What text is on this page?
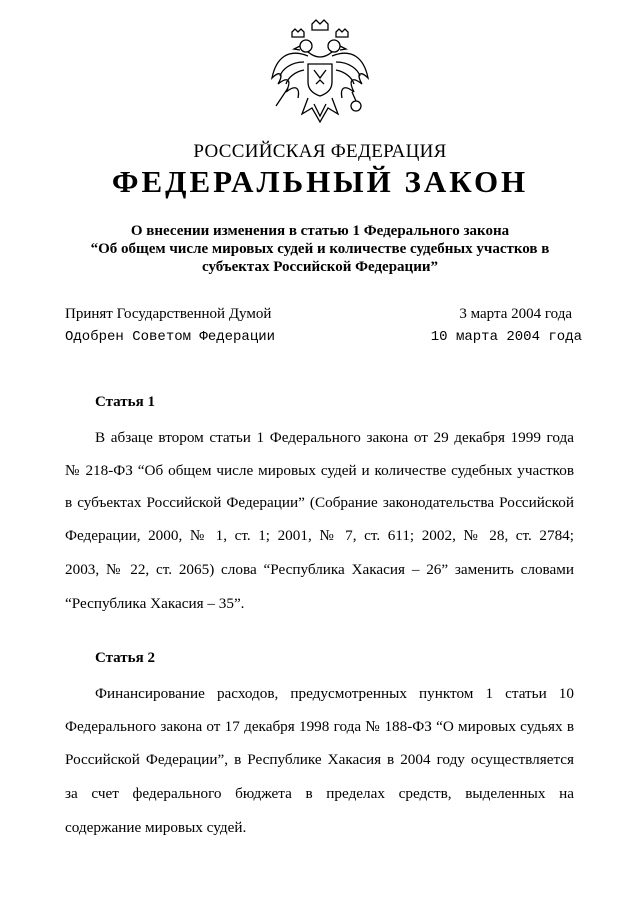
РОССИЙСКАЯ ФЕДЕРАЦИЯ
ФЕДЕРАЛЬНЫЙ ЗАКОН
О внесении изменения в статью 1 Федерального закона
“Об общем числе мировых судей и количестве судебных участков в
субъектах Российской Федерации”
Принят Государственной Думой	3 марта 2004 года
Одобрен Советом Федерации	10 марта 2004 года
Статья 1
В абзаце втором статьи 1 Федерального закона от 29 декабря 1999 года
№ 218-ФЗ “Об общем числе мировых судей и количестве судебных участков
в субъектах Российской Федерации” (Собрание законодательства Российской
Федерации, 2000, № 1, ст. 1; 2001, № 7, ст. 611; 2002, № 28, ст. 2784;
2003, № 22, ст. 2065) слова “Республика Хакасия – 26” заменить словами
“Республика Хакасия – 35”.
Статья 2
Финансирование расходов, предусмотренных пунктом 1 статьи 10
Федерального закона от 17 декабря 1998 года № 188-ФЗ “О мировых судьях в
Российской Федерации”, в Республике Хакасия в 2004 году осуществляется
за счет федерального бюджета в пределах средств, выделенных на
содержание мировых судей.
